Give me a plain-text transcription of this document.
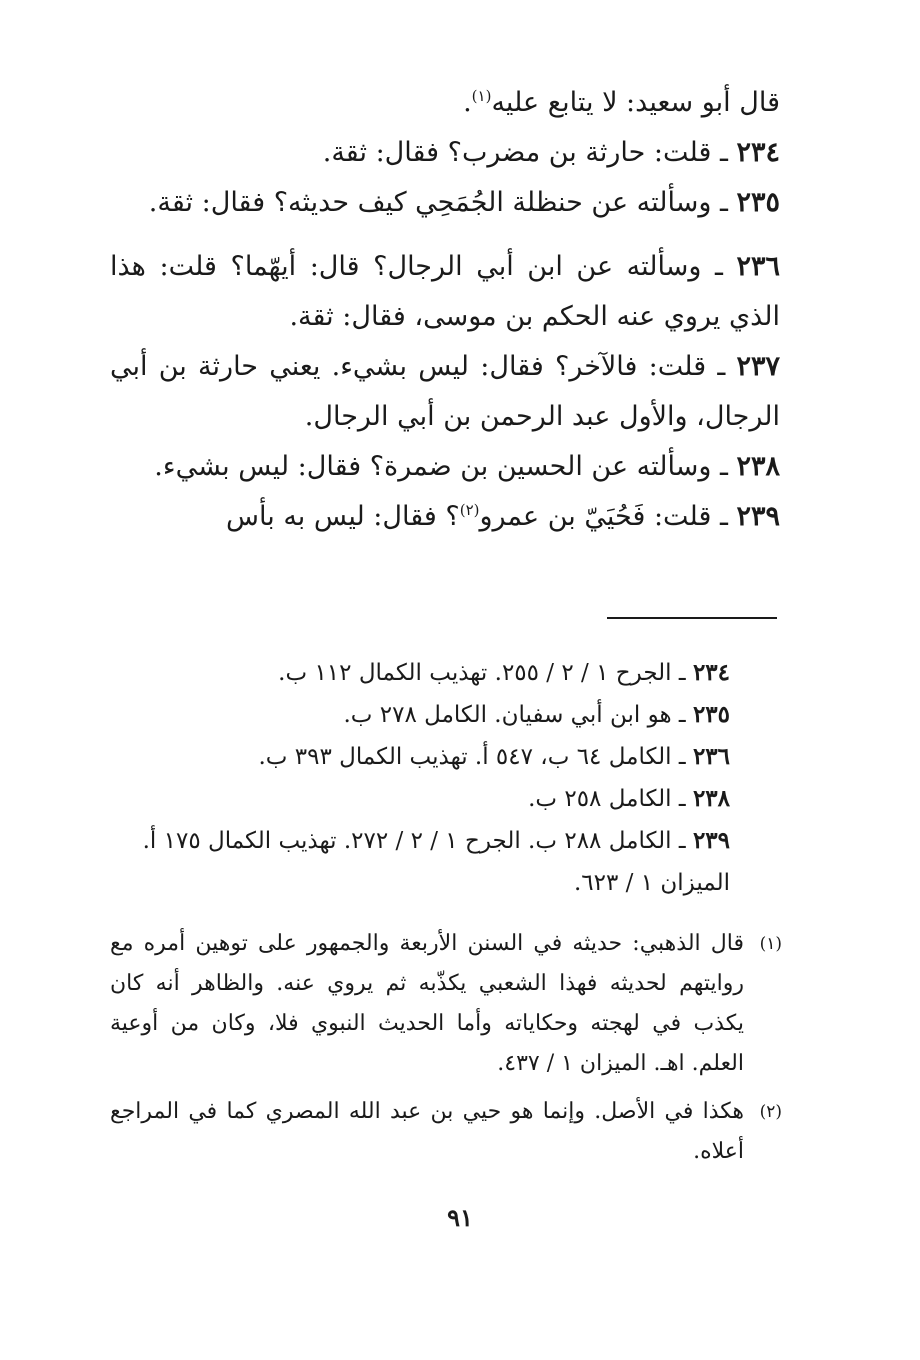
قال أبو سعيد: لا يتابع عليه$^{(١)}$.

٢٣٤ ـ قلت: حارثة بن مضرب؟ فقال: ثقة.

٢٣٥ ـ وسألته عن حنظلة الجُمَحِي كيف حديثه؟ فقال: ثقة.

٢٣٦ ـ وسألته عن ابن أبي الرجال؟ قال: أيهّما؟ قلت: هذا الذي يروي عنه الحكم بن موسى، فقال: ثقة.

٢٣٧ ـ قلت: فالآخر؟ فقال: ليس بشيء. يعني حارثة بن أبي الرجال، والأول عبد الرحمن بن أبي الرجال.

٢٣٨ ـ وسألته عن الحسين بن ضمرة؟ فقال: ليس بشيء.

٢٣٩ ـ قلت: فَحُيَيّ بن عمرو$^{(٢)}$؟ فقال: ليس به بأس

٢٣٤ ـ الجرح ١ / ٢ / ٢٥٥. تهذيب الكمال ١١٢ ب.

٢٣٥ ـ هو ابن أبي سفيان. الكامل ٢٧٨ ب.

٢٣٦ ـ الكامل ٦٤ ب، ٥٤٧ أ. تهذيب الكمال ٣٩٣ ب.

٢٣٨ ـ الكامل ٢٥٨ ب.

٢٣٩ ـ الكامل ٢٨٨ ب. الجرح ١ / ٢ / ٢٧٢. تهذيب الكمال ١٧٥ أ. الميزان ١ / ٦٢٣.

(١)
قال الذهبي: حديثه في السنن الأربعة والجمهور على توهين أمره مع روايتهم لحديثه فهذا الشعبي يكذّبه ثم يروي عنه. والظاهر أنه كان يكذب في لهجته وحكاياته وأما الحديث النبوي فلا، وكان من أوعية العلم. اهـ. الميزان ١ / ٤٣٧.
(٢)
هكذا في الأصل. وإنما هو حيي بن عبد الله المصري كما في المراجع أعلاه.
٩١
